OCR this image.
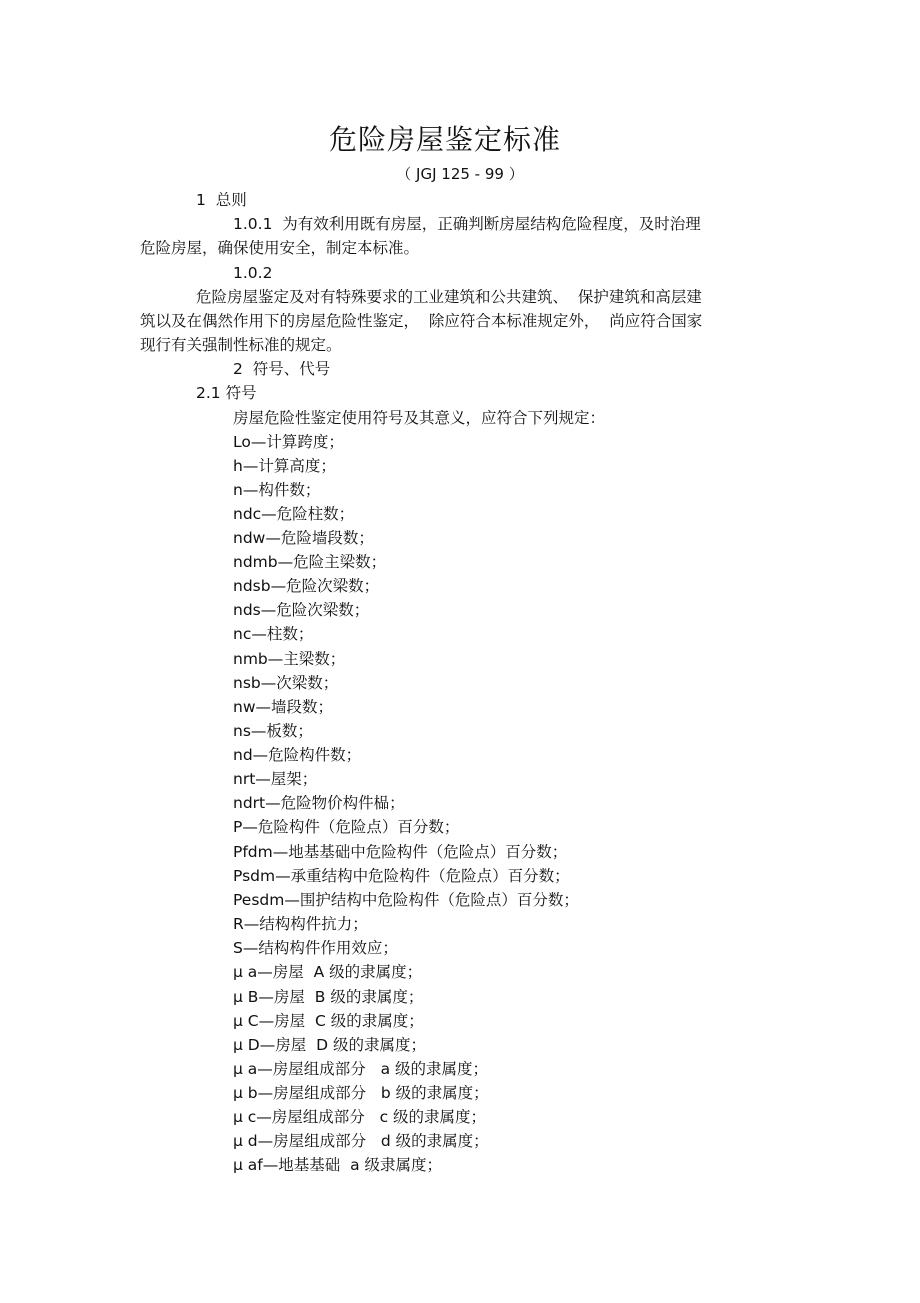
危险房屋鉴定标准
（ JGJ 125 - 99 ）

1  总则

1.0.1  为有效利用既有房屋，正确判断房屋结构危险程度，及时治理

危险房屋，确保使用安全，制定本标准。

1.0.2

危险房屋鉴定及对有特殊要求的工业建筑和公共建筑、  保护建筑和高层建

筑以及在偶然作用下的房屋危险性鉴定，  除应符合本标准规定外，  尚应符合国家

现行有关强制性标准的规定。

2  符号、代号

2.1 符号

房屋危险性鉴定使用符号及其意义，应符合下列规定：

Lo—计算跨度；

h—计算高度；

n—构件数；

ndc—危险柱数；

ndw—危险墙段数；

ndmb—危险主梁数；

ndsb—危险次梁数；

nds—危险次梁数；

nc—柱数；

nmb—主梁数；

nsb—次梁数；

nw—墙段数；

ns—板数；

nd—危险构件数；

nrt—屋架；

ndrt—危险物价构件榀；

P—危险构件（危险点）百分数；

Pfdm—地基基础中危险构件（危险点）百分数；

Psdm—承重结构中危险构件（危险点）百分数；

Pesdm—围护结构中危险构件（危险点）百分数；

R—结构构件抗力；

S—结构构件作用效应；

μ a—房屋  A 级的隶属度；

μ B—房屋  B 级的隶属度；

μ C—房屋  C 级的隶属度；

μ D—房屋  D 级的隶属度；

μ a—房屋组成部分   a 级的隶属度；

μ b—房屋组成部分   b 级的隶属度；

μ c—房屋组成部分   c 级的隶属度；

μ d—房屋组成部分   d 级的隶属度；

μ af—地基基础  a 级隶属度；
